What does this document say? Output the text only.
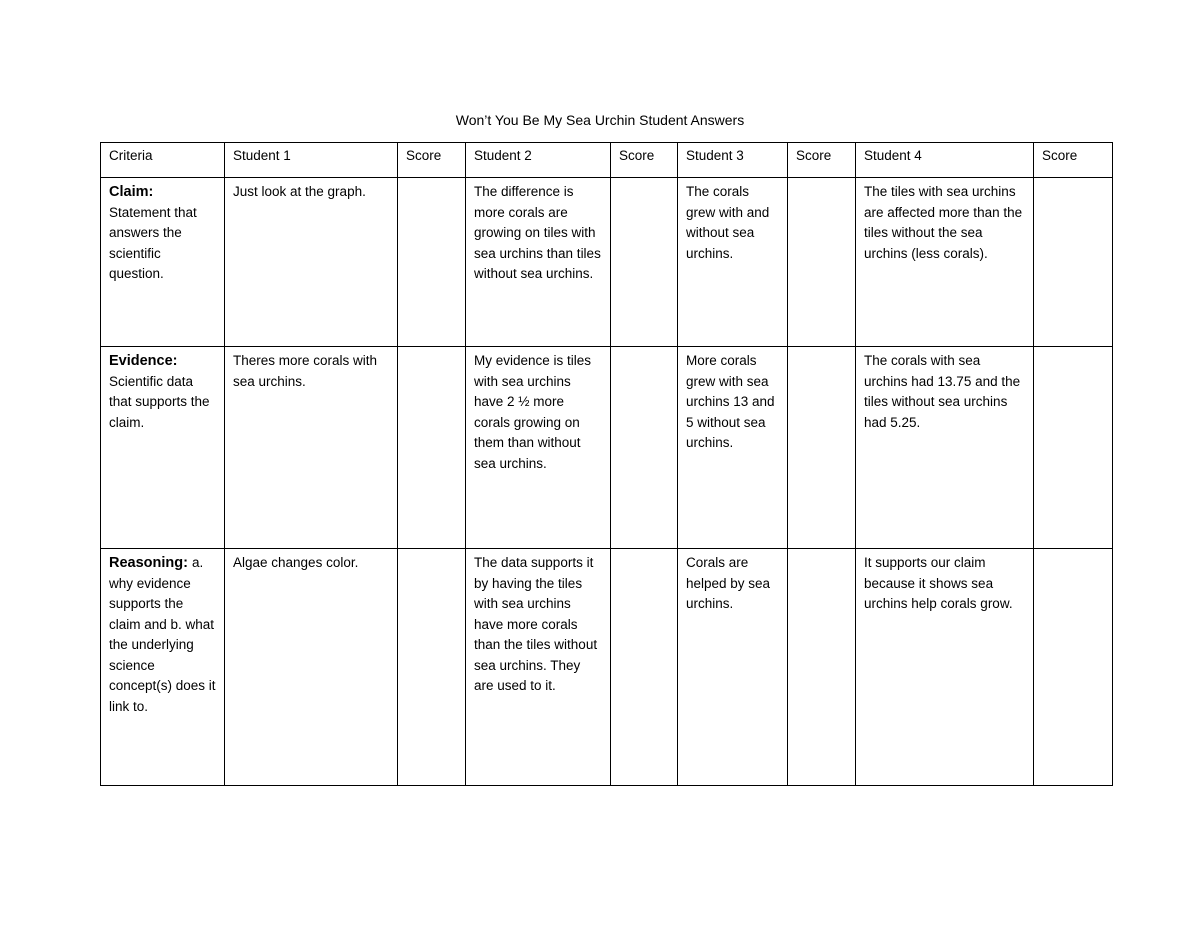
Won’t You Be My Sea Urchin Student Answers
Criteria	Student 1	Score	Student 2	Score	Student 3	Score	Student 4	Score
Claim:
Statement that answers the scientific question.	Just look at the graph.		The difference is more corals are growing on tiles with sea urchins than tiles without sea urchins.		The corals grew with and without sea urchins.		The tiles with sea urchins are affected more than the tiles without the sea urchins (less corals).	
Evidence:
Scientific data that supports the claim.	Theres more corals with sea urchins.		My evidence is tiles with sea urchins have 2 ½ more corals growing on them than without sea urchins.		More corals grew with sea urchins 13 and 5 without sea urchins.		The corals with sea urchins had 13.75 and the tiles without sea urchins had 5.25.	
Reasoning: a. why evidence supports the claim and b. what the underlying science concept(s) does it link to.	Algae changes color.		The data supports it by having the tiles with sea urchins have more corals than the tiles without sea urchins. They are used to it.		Corals are helped by sea urchins.		It supports our claim because it shows sea urchins help corals grow.	
